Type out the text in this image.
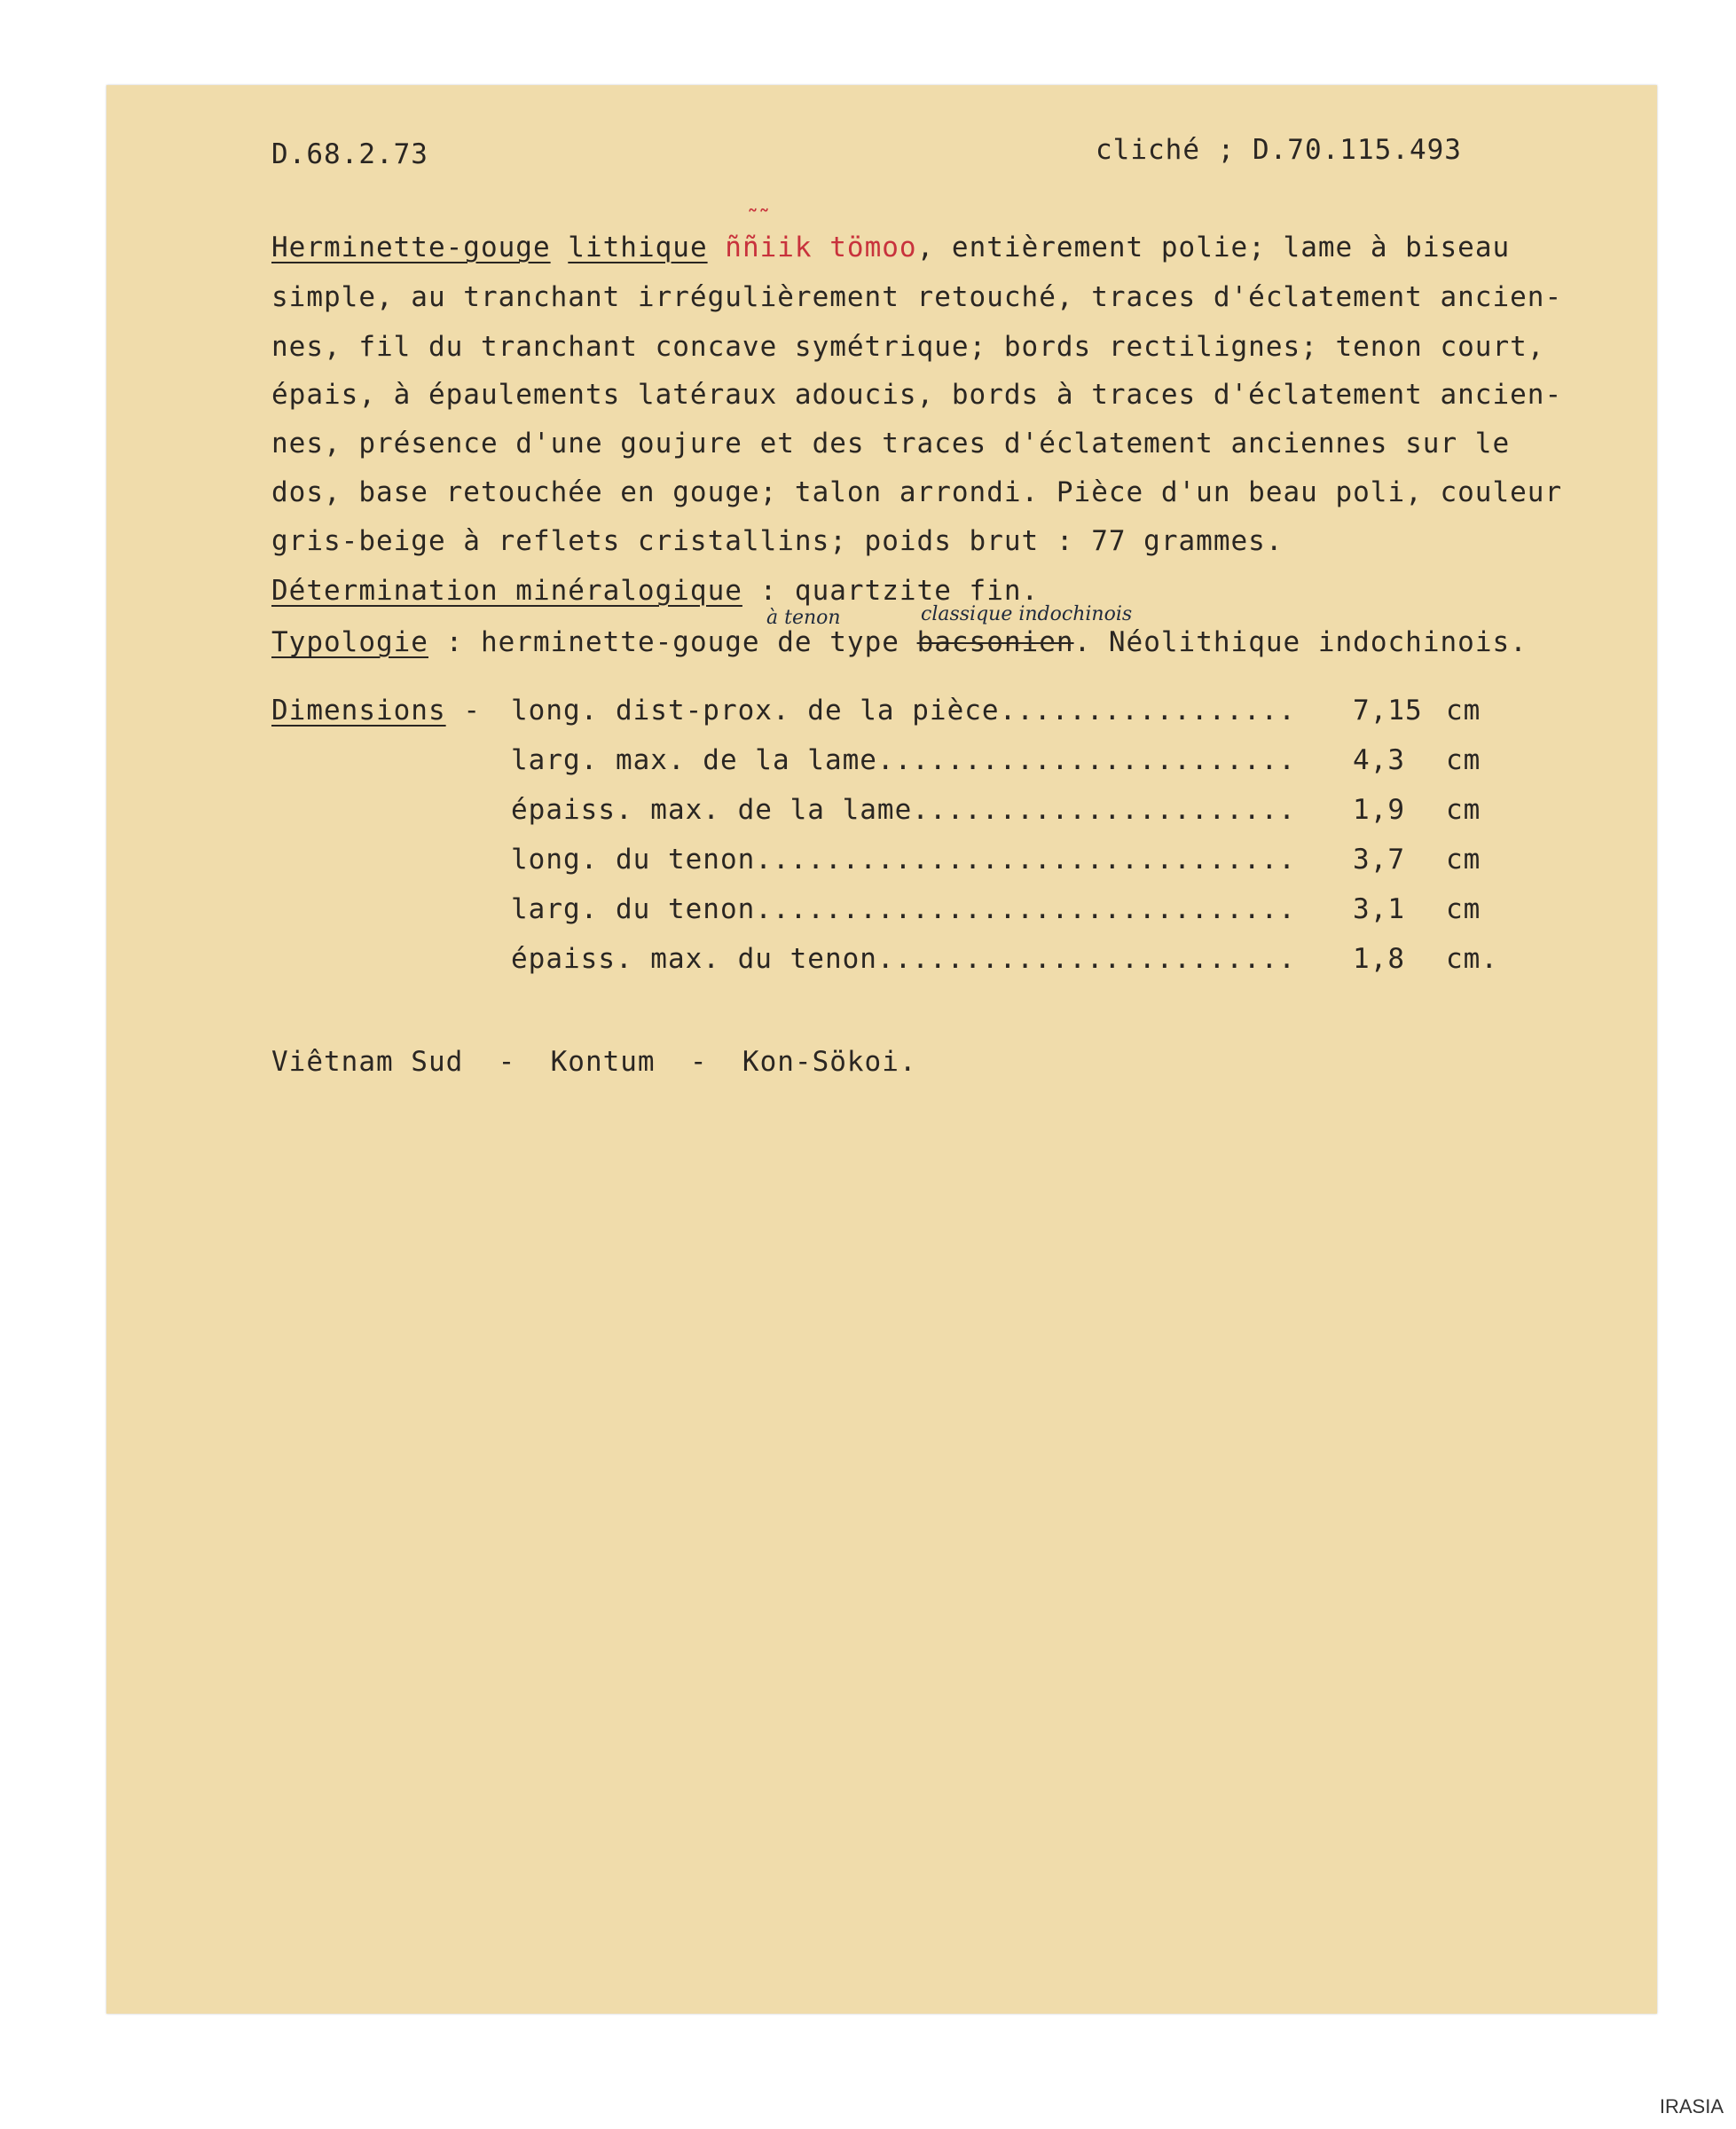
D.68.2.73	cliché ; D.70.115.493

Herminette-gouge lithique ññiik tömoo, entièrement polie; lame à biseau

˜˜

simple, au tranchant irrégulièrement retouché, traces d'éclatement ancien-

nes, fil du tranchant concave symétrique; bords rectilignes; tenon court,

épais, à épaulements latéraux adoucis, bords à traces d'éclatement ancien-

nes, présence d'une goujure et des traces d'éclatement anciennes sur le

dos, base retouchée en gouge; talon arrondi. Pièce d'un beau poli, couleur

gris-beige à reflets cristallins; poids brut : 77 grammes.

Détermination minéralogique : quartzite fin.

à tenon	classique indochinois

Typologie : herminette-gouge de type bacsonien. Néolithique indochinois.

Dimensions - long. dist-prox. de la pièce................. 7,15 cm
larg. max. de la lame........................ 4,3 cm
épaiss. max. de la lame...................... 1,9 cm
long. du tenon............................... 3,7 cm
larg. du tenon............................... 3,1 cm
épaiss. max. du tenon........................ 1,8 cm.

Viêtnam Sud  -  Kontum  -  Kon-Sökoi.

IRASIA
